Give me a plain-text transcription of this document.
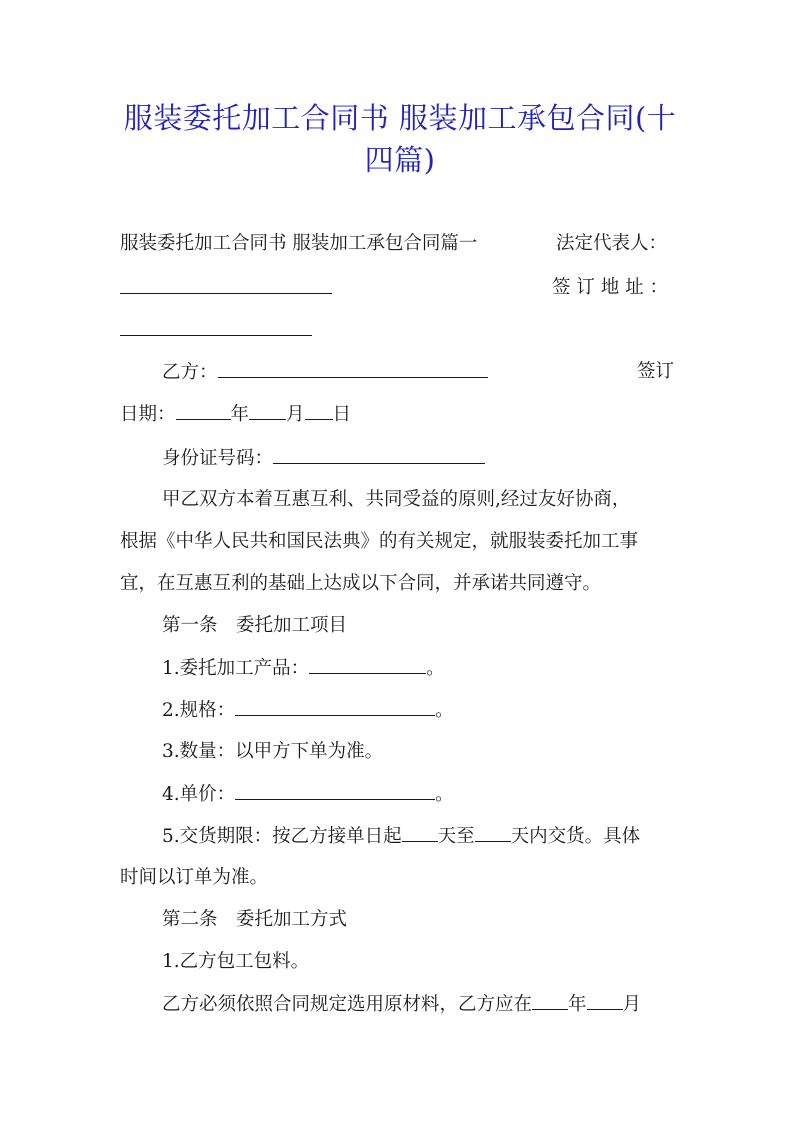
服装委托加工合同书 服装加工承包合同(十
四篇)
服装委托加工合同书 服装加工承包合同篇一	法定代表人：
签 订 地 址 ：
乙方：	签订
日期：	年 月 日
身份证号码：
甲乙双方本着互惠互利、共同受益的原则,经过友好协商，
根据《中华人民共和国民法典》的有关规定，就服装委托加工事
宜，在互惠互利的基础上达成以下合同，并承诺共同遵守。
第一条　委托加工项目
1.委托加工产品：	。
2.规格：	。
3.数量：以甲方下单为准。
4.单价：	。
5.交货期限：按乙方接单日起 天至 天内交货。具体
时间以订单为准。
第二条　委托加工方式
1.乙方包工包料。
乙方必须依照合同规定选用原材料，乙方应在 年 月
